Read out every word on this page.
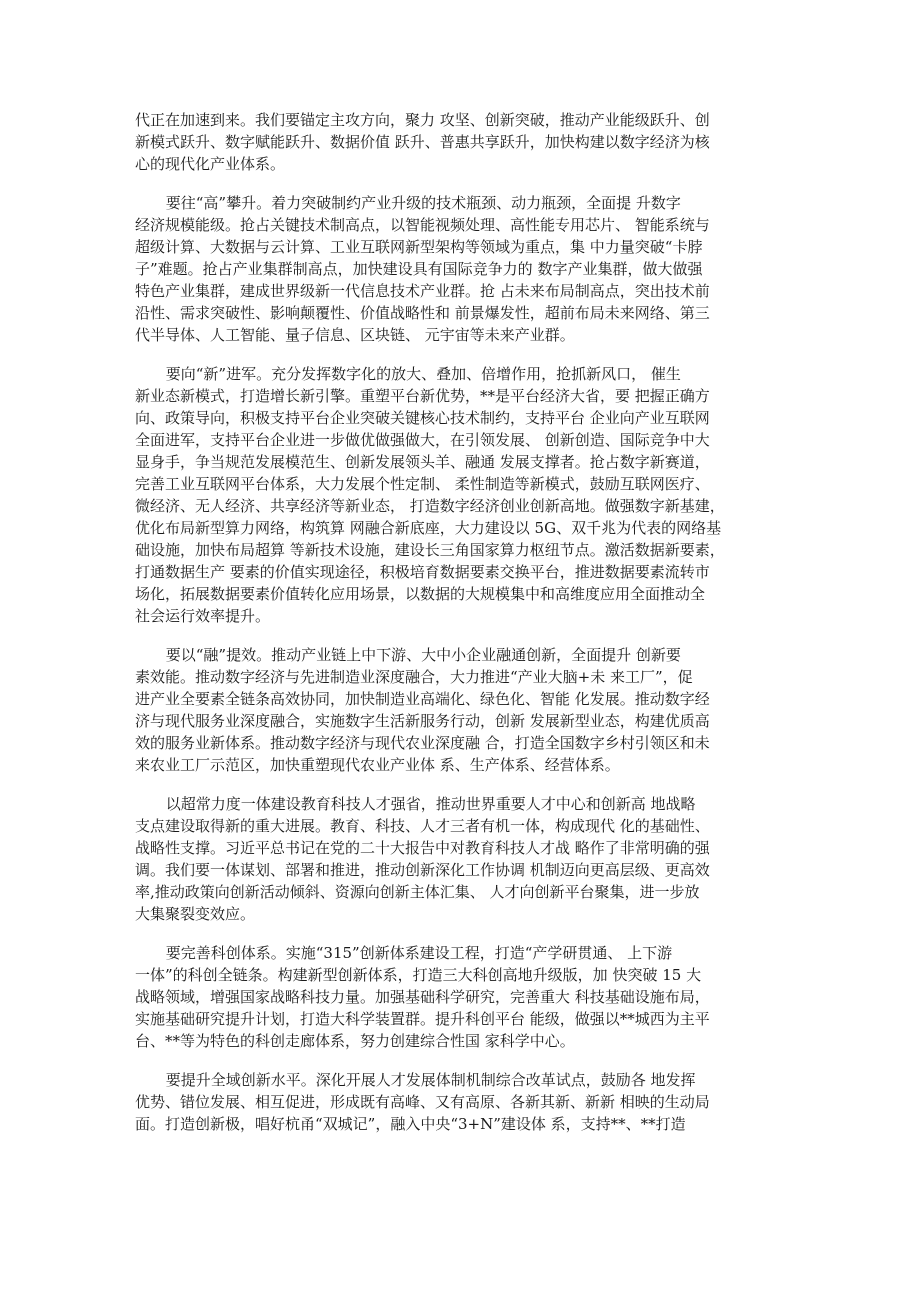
代正在加速到来。我们要锚定主攻方向，聚力 攻坚、创新突破，推动产业能级跃升、创
新模式跃升、数字赋能跃升、数据价值 跃升、普惠共享跃升，加快构建以数字经济为核
心的现代化产业体系。
要往“高”攀升。着力突破制约产业升级的技术瓶颈、动力瓶颈，全面提 升数字
经济规模能级。抢占关键技术制高点，以智能视频处理、高性能专用芯片、 智能系统与
超级计算、大数据与云计算、工业互联网新型架构等领域为重点，集 中力量突破“卡脖
子”难题。抢占产业集群制高点，加快建设具有国际竞争力的 数字产业集群，做大做强
特色产业集群，建成世界级新一代信息技术产业群。抢 占未来布局制高点，突出技术前
沿性、需求突破性、影响颠覆性、价值战略性和 前景爆发性，超前布局未来网络、第三
代半导体、人工智能、量子信息、区块链、 元宇宙等未来产业群。
要向“新”进军。充分发挥数字化的放大、叠加、倍增作用，抢抓新风口， 催生
新业态新模式，打造增长新引擎。重塑平台新优势，**是平台经济大省，要 把握正确方
向、政策导向，积极支持平台企业突破关键核心技术制约，支持平台 企业向产业互联网
全面进军，支持平台企业进一步做优做强做大，在引领发展、 创新创造、国际竞争中大
显身手，争当规范发展模范生、创新发展领头羊、融通 发展支撑者。抢占数字新赛道，
完善工业互联网平台体系，大力发展个性定制、 柔性制造等新模式，鼓励互联网医疗、
微经济、无人经济、共享经济等新业态， 打造数字经济创业创新高地。做强数字新基建，
优化布局新型算力网络，构筑算 网融合新底座，大力建设以 5G、双千兆为代表的网络基
础设施，加快布局超算 等新技术设施，建设长三角国家算力枢纽节点。激活数据新要素，
打通数据生产 要素的价值实现途径，积极培育数据要素交换平台，推进数据要素流转市
场化，拓展数据要素价值转化应用场景，以数据的大规模集中和高维度应用全面推动全
社会运行效率提升。
要以“融”提效。推动产业链上中下游、大中小企业融通创新，全面提升 创新要
素效能。推动数字经济与先进制造业深度融合，大力推进“产业大脑+未 来工厂”，促
进产业全要素全链条高效协同，加快制造业高端化、绿色化、智能 化发展。推动数字经
济与现代服务业深度融合，实施数字生活新服务行动，创新 发展新型业态，构建优质高
效的服务业新体系。推动数字经济与现代农业深度融 合，打造全国数字乡村引领区和未
来农业工厂示范区，加快重塑现代农业产业体 系、生产体系、经营体系。
以超常力度一体建设教育科技人才强省，推动世界重要人才中心和创新高 地战略
支点建设取得新的重大进展。教育、科技、人才三者有机一体，构成现代 化的基础性、
战略性支撑。习近平总书记在党的二十大报告中对教育科技人才战 略作了非常明确的强
调。我们要一体谋划、部署和推进，推动创新深化工作协调 机制迈向更高层级、更高效
率,推动政策向创新活动倾斜、资源向创新主体汇集、 人才向创新平台聚集，进一步放
大集聚裂变效应。
要完善科创体系。实施“315”创新体系建设工程，打造“产学研贯通、 上下游
一体”的科创全链条。构建新型创新体系，打造三大科创高地升级版，加 快突破 15 大
战略领域，增强国家战略科技力量。加强基础科学研究，完善重大 科技基础设施布局，
实施基础研究提升计划，打造大科学装置群。提升科创平台 能级，做强以**城西为主平
台、**等为特色的科创走廊体系，努力创建综合性国 家科学中心。
要提升全域创新水平。深化开展人才发展体制机制综合改革试点，鼓励各 地发挥
优势、错位发展、相互促进，形成既有高峰、又有高原、各新其新、新新 相映的生动局
面。打造创新极，唱好杭甬“双城记”，融入中央“3+N”建设体 系，支持**、**打造
